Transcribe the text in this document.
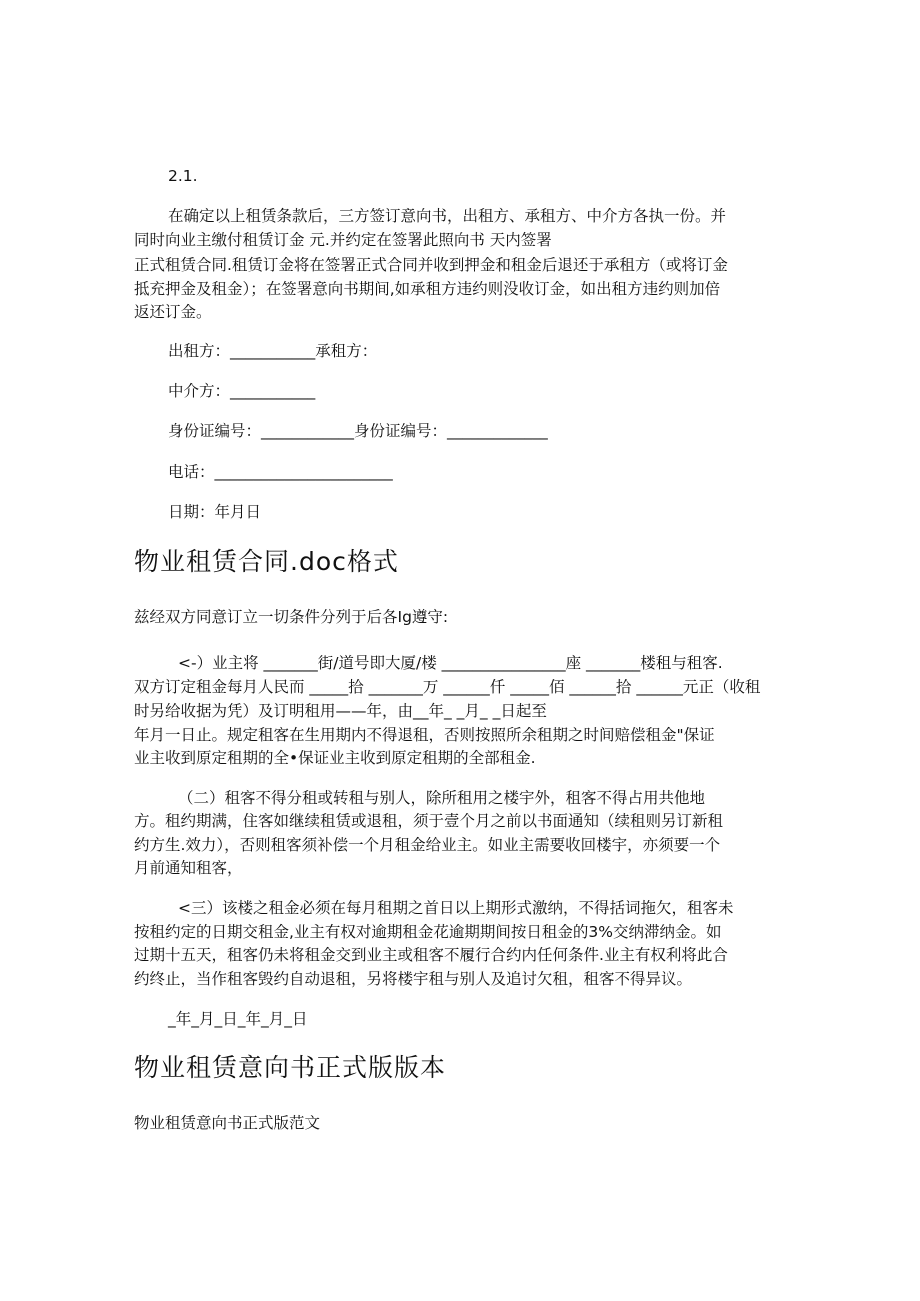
2.1.
在确定以上租赁条款后，三方签订意向书，出租方、承租方、中介方各执一份。并
同时向业主缴付租赁订金 元.并约定在签署此照向书 天内签署
正式租赁合同.租赁订金将在签署正式合同并收到押金和租金后退还于承租方（或将订金
抵充押金及租金）；在签署意向书期间,如承租方违约则没收订金，如出租方违约则加倍
返还订金。
出租方：___________承租方：
中介方：___________
身份证编号：____________身份证编号：_____________
电话：_______________________
日期：年月日
物业租赁合同.doc格式
兹经双方同意订立一切条件分列于后各Ig遵守:
<-）业主将 _______街/道号即大厦/楼 ________________座 _______楼租与租客.
双方订定租金每月人民而 _____拾 _______万 ______仟 _____佰 ______拾 ______元正（收租
时另给收据为凭）及订明租用——年，由__年_ _月_ _日起至
年月一日止。规定租客在生用期内不得退租，否则按照所余租期之时间赔偿租金"保证
业主收到原定租期的全•保证业主收到原定租期的全部租金.
（二）租客不得分租或转租与别人，除所租用之楼宇外，租客不得占用共他地
方。租约期满，住客如继续租赁或退租，须于壹个月之前以书面通知（续租则另订新租
约方生.效力），否则租客须补偿一个月租金给业主。如业主需要收回楼宇，亦须要一个
月前通知租客，
<三）该楼之租金必须在每月租期之首日以上期形式激纳，不得括词拖欠，租客未
按租约定的日期交租金,业主有权对逾期租金花逾期期间按日租金的3%交纳滞纳金。如
过期十五天，租客仍未将租金交到业主或租客不履行合约内任何条件.业主有权利将此合
约终止，当作租客毁约自动退租，另将楼宇租与别人及追讨欠租，租客不得异议。
_年_月_日_年_月_日
物业租赁意向书正式版版本
物业租赁意向书正式版范文
